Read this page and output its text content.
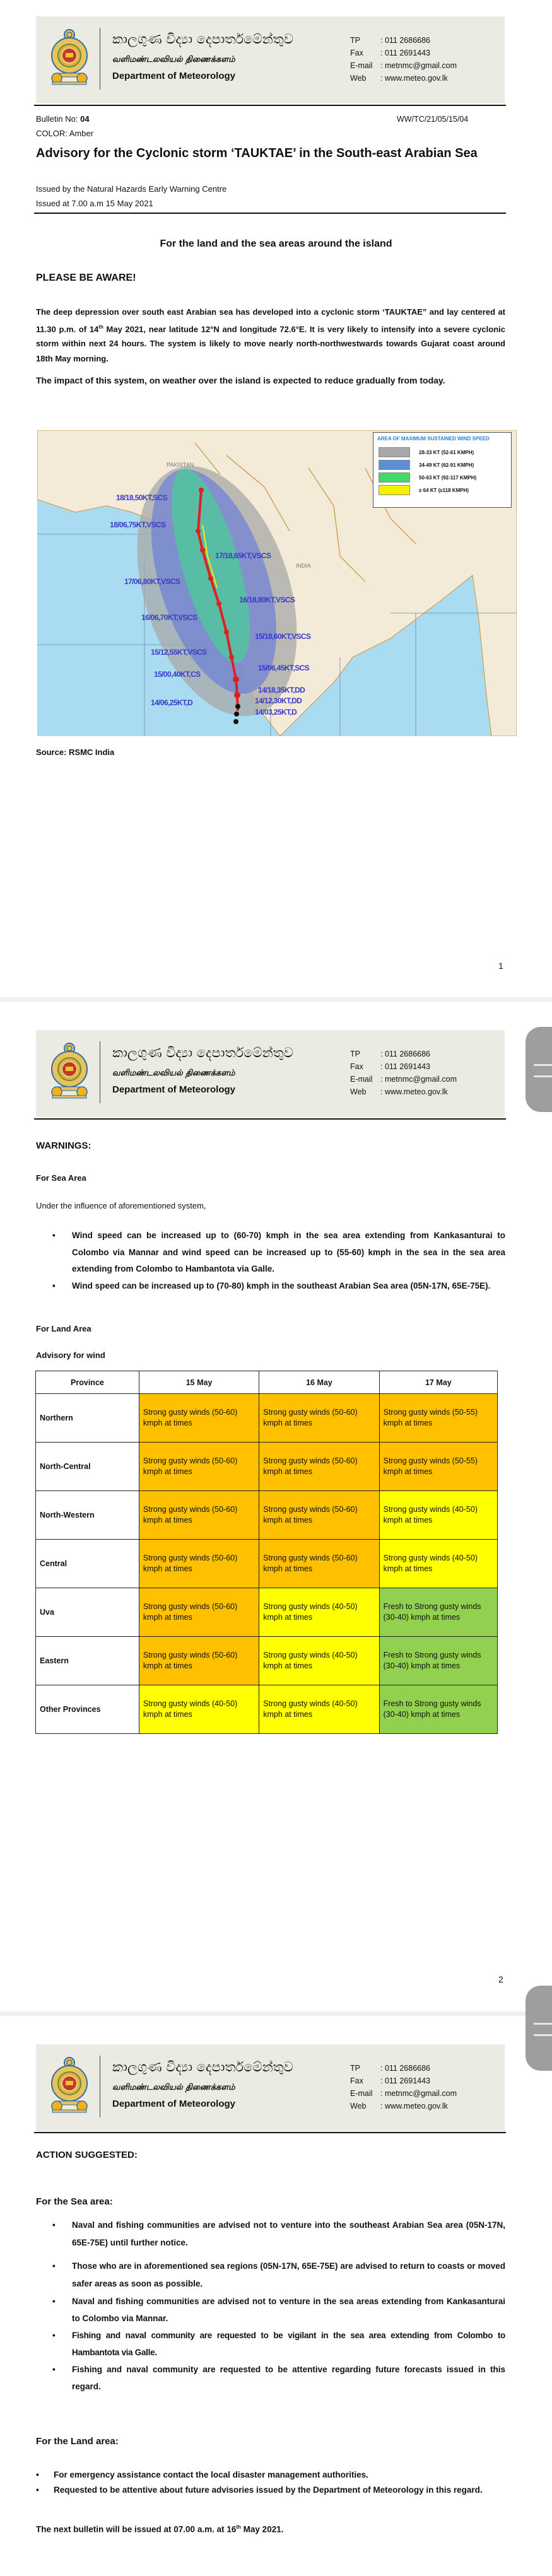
කාලගුණ විද්‍යා දෙපාර්තමේන්තුව
வளிமண்டலவியல் திணைக்களம்
Department of Meteorology
TP	: 011 2686686
Fax	: 011 2691443
E-mail	: metnmc@gmail.com
Web	: www.meteo.gov.lk
Bulletin No: 04	WW/TC/21/05/15/04
COLOR: Amber
Advisory for the Cyclonic storm ‘TAUKTAE’ in the South-east Arabian Sea
Issued by the Natural Hazards Early Warning Centre
Issued at 7.00 a.m 15 May 2021
For the land and the sea areas around the island
PLEASE BE AWARE!
The deep depression over south east Arabian sea has developed into a cyclonic storm ‘TAUKTAE” and lay centered at 11.30 p.m. of 14th May 2021, near latitude 12°N and longitude 72.6°E. It is very likely to intensify into a severe cyclonic storm within next 24 hours. The system is likely to move nearly north-northwestwards towards Gujarat coast around 18th May morning.
The impact of this system, on weather over the island is expected to reduce gradually from today.
PAKISTAN
INDIA
18/18,50KT,SCS
18/06,75KT,VSCS
17/18,65KT,VSCS
17/06,80KT,VSCS
16/18,80KT,VSCS
16/06,70KT,VSCS
15/18,60KT,VSCS
15/12,55KT,VSCS
15/06,45KT,SCS
15/00,40KT,CS
14/18,35KT,DD
14/12,30KT,DD
14/06,25KT,D
14/03,25KT,D
AREA OF MAXIMUM SUSTAINED WIND SPEED
28-33 KT (52-61 KMPH)
34-49 KT (62-91 KMPH)
50-63 KT (92-117 KMPH)
≥ 64 KT (≥118 KMPH)
Source: RSMC India
1
කාලගුණ විද්‍යා දෙපාර්තමේන්තුව
வளிமண்டலவியல் திணைக்களம்
Department of Meteorology
TP	: 011 2686686
Fax	: 011 2691443
E-mail	: metnmc@gmail.com
Web	: www.meteo.gov.lk
WARNINGS:
For Sea Area
Under the influence of aforementioned system,
• Wind speed can be increased up to (60-70) kmph in the sea area extending from Kankasanturai to Colombo via Mannar and wind speed can be increased up to (55-60) kmph in the sea in the sea area extending from Colombo to Hambantota via Galle.
• Wind speed can be increased up to (70-80) kmph in the southeast Arabian Sea area (05N-17N, 65E-75E).
For Land Area
Advisory for wind
2
Province	15 May	16 May	17 May
Northern	Strong gusty winds (50-60) kmph at times	Strong gusty winds (50-60) kmph at times	Strong gusty winds (50-55) kmph at times
North-Central	Strong gusty winds (50-60) kmph at times	Strong gusty winds (50-60) kmph at times	Strong gusty winds (50-55) kmph at times
North-Western	Strong gusty winds (50-60) kmph at times	Strong gusty winds (50-60) kmph at times	Strong gusty winds (40-50) kmph at times
Central	Strong gusty winds (50-60) kmph at times	Strong gusty winds (50-60) kmph at times	Strong gusty winds (40-50) kmph at times
Uva	Strong gusty winds (50-60) kmph at times	Strong gusty winds (40-50) kmph at times	Fresh to Strong gusty winds (30-40) kmph at times
Eastern	Strong gusty winds (50-60) kmph at times	Strong gusty winds (40-50) kmph at times	Fresh to Strong gusty winds (30-40) kmph at times
Other Provinces	Strong gusty winds (40-50) kmph at times	Strong gusty winds (40-50) kmph at times	Fresh to Strong gusty winds (30-40) kmph at times
කාලගුණ විද්‍යා දෙපාර්තමේන්තුව
வளிமண்டலவியல் திணைக்களம்
Department of Meteorology
TP	: 011 2686686
Fax	: 011 2691443
E-mail	: metnmc@gmail.com
Web	: www.meteo.gov.lk
ACTION SUGGESTED:
For the Sea area:
• Naval and fishing communities are advised not to venture into the southeast Arabian Sea area (05N-17N, 65E-75E) until further notice.
• Those who are in aforementioned sea regions (05N-17N, 65E-75E) are advised to return to coasts or moved safer areas as soon as possible.
• Naval and fishing communities are advised not to venture in the sea areas extending from Kankasanturai to Colombo via Mannar.
• Fishing and naval community are requested to be vigilant in the sea area extending from Colombo to Hambantota via Galle.
• Fishing and naval community are requested to be attentive regarding future forecasts issued in this regard.
For the Land area:
• For emergency assistance contact the local disaster management authorities.
• Requested to be attentive about future advisories issued by the Department of Meteorology in this regard.
The next bulletin will be issued at 07.00 a.m. at 16th May 2021.
